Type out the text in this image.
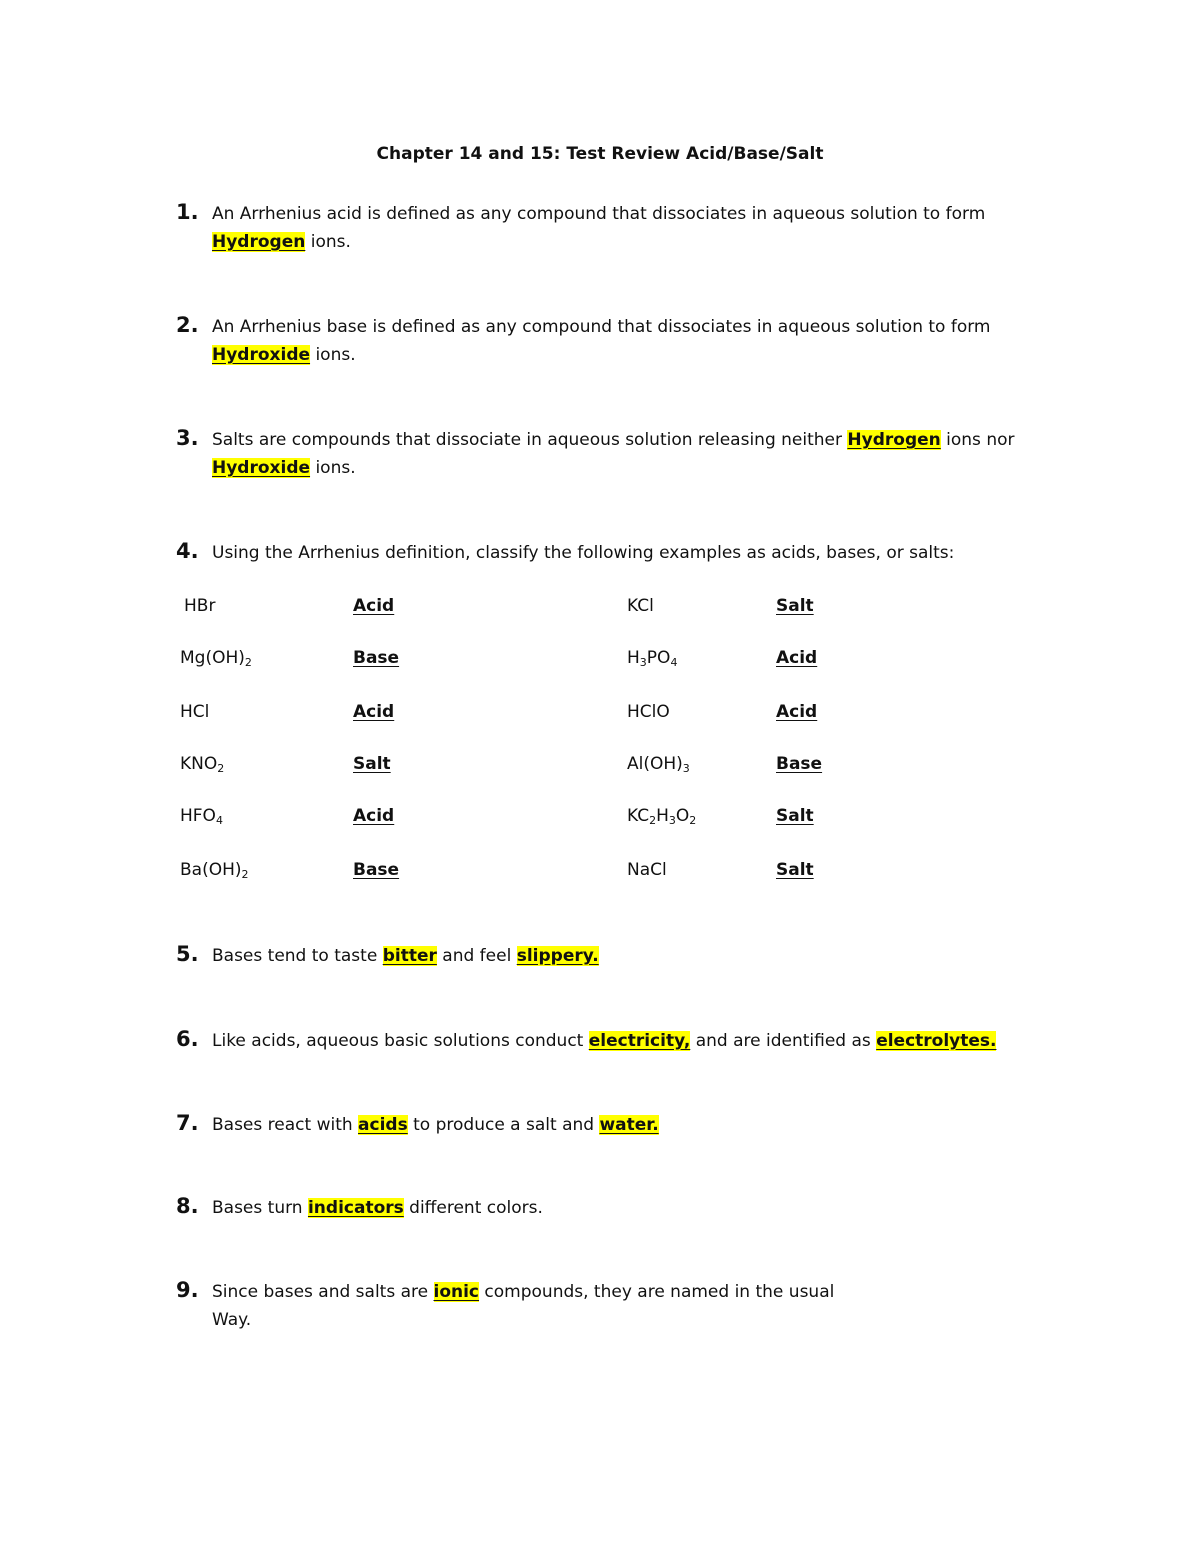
Chapter 14 and 15: Test Review Acid/Base/Salt
1. An Arrhenius acid is defined as any compound that dissociates in aqueous solution to form
Hydrogen ions.
2. An Arrhenius base is defined as any compound that dissociates in aqueous solution to form
Hydroxide ions.
3. Salts are compounds that dissociate in aqueous solution releasing neither Hydrogen ions nor
Hydroxide ions.
4. Using the Arrhenius definition, classify the following examples as acids, bases, or salts:
HBr	Acid	KCl	Salt
$Mg(OH)_2$	Base	$H_3PO_4$	Acid
HCl	Acid	HClO	Acid
$KNO_2$	Salt	$Al(OH)_3$	Base
$HFO_4$	Acid	$KC_2H_3O_2$	Salt
$Ba(OH)_2$	Base	NaCl	Salt
5. Bases tend to taste bitter and feel slippery.
6. Like acids, aqueous basic solutions conduct electricity, and are identified as electrolytes.
7. Bases react with acids to produce a salt and water.
8. Bases turn indicators different colors.
9. Since bases and salts are ionic compounds, they are named in the usual
Way.
